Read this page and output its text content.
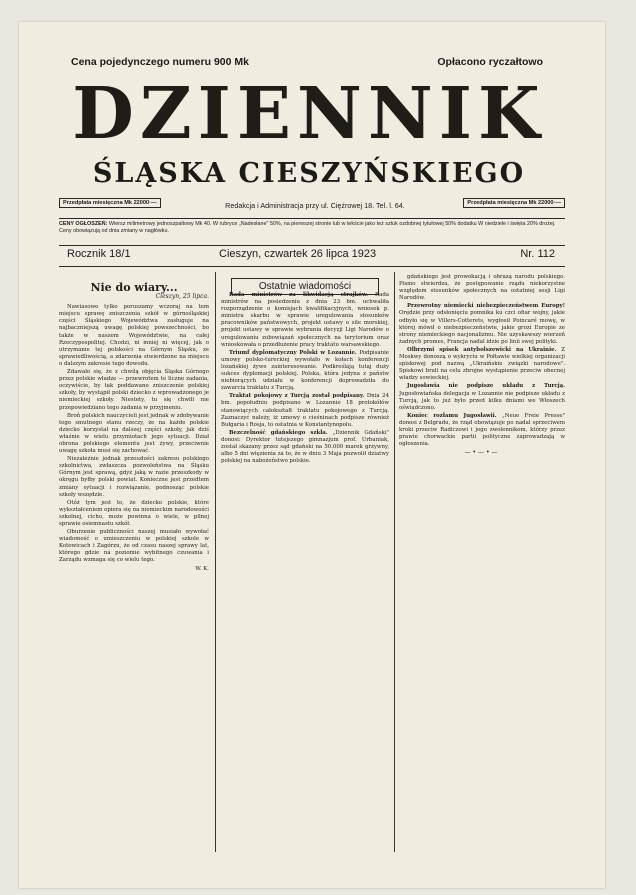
Cena pojedynczego numeru 900 Mk	Opłacono ryczałtowo
DZIENNIK
ŚLĄSKA CIESZYŃSKIEGO
Przedpłata miesięczna Mk 22000·—	Redakcja i Administracja przy ul. Ciężrowej 18. Tel. l. 64.	Przedpłata miesięczna Mk 22000·—
CENY OGŁOSZEŃ: Wiersz milimetrowy jednoszpaltowy Mk 40. W rubryce „Nadesłane" 50%, na pierwszej stronie lub w tekście jako też sztuk ozdobnej tytułowej 50% dodatku W niedziele i święta 20% drożej. Ceny obowiązują od dnia zmiany w nagłówku.
Rocznik 18/1	Cieszyn, czwartek 26 lipca 1923	Nr. 112
Nie do wiary...
Cieszyn, 25 lipca.

Nawiasowo tylko poruszamy wczoraj na tem miejscu sprawę zniszczenia szkół w górnośląskiej części Śląskiego Województwa zasługuje na najbaczniejszą uwagę polskiej powszechności, bo także w naszem Województwie, na całej Rzeczypospolitej. Chodzi, ni mniej ni więcej, jak o utrzymanie tej polskości na Górnym Śląsku, ze sprawiedliwością, a zdarzenia stwierdzone na miejscu o dalszym zakresie tego dowodu.

Zdawało się, że z chwilą objęcia Śląska Górnego przez polskie władze — przewrotem te liczne zadania, oczywiście, by tak poddawano zniszczenie polskiej szkoły, by wystąpił polski dziecko z wprowadzonego je niemieckiej szkoły. Niestety, tu się chwili nie przepowiedziano tego zadania w przyjmeniu.

Broń polskich nauczycieli jest jednak w zdobywanie tego smutnego stanu rzeczy, że na każde polskie dziecko korzystał na dalszej części szkoły, jak dziś właśnie w wielu przymiotach jego sytuacji. Dział obrona polskiego elementu jest żywy, przeciwnie uwagę szkoła musi się zachować.

Niezależnie jednak przeszłości zakresu polskiego szkolnictwa, zwłaszcza pozwoleństwa na Śląsku Górnym jest sprawą, gdyż jaką w razie przeszkody w okręgu byłby polski powiat. Konieczne jest przedtem zmiany sytuacji i rozwiązanie, podnosząc polskie szkoły wszędzie.

Otóż tym jest to, że dziecko polskie, które wykształceniem opiera się na niemieckim narodowości szkolnej, cicho, może powinna o wiele, w pilnej sprawie osiemnastu szkół.

Oburzenie publiczności naszej musiało wywołać wiadomość o umieszczeniu w polskiej szkole w Kotowicach i Zagórzu, że od czasu naszej sprawy lat, którego gdzie na poziomie wybitnego czuwania i Zarządu wzmaga się co wielu tego.

W. K.
Ostatnie wiadomości

Rada ministrów za likwidacją strajków. Rada ministrów na posiedzeniu z dnia 23 bm. uchwaliła rozporządzenie o komisjach kwalifikacyjnych, wniosek p. ministra skarbu w sprawie uregulowania stosunków pracowników państwowych, projekt ustawy o sile morskiej, projekt ustawy w sprawie wybrania decyzji Ligi Narodów o uregulowaniu zobowiązań społecznych na terytorium oraz wnioskowała o przedłużenie pracy traktatu warsawskiego.

Triumf dyplomatyczny Polski w Lozannie. Podpisanie umowy polsko-tureckiej wywołało w kołach konferencji lozańskiej żywe zainteresowanie. Podkreślają tutaj duży sukces dyplomacji polskiej. Polska, która jedyna z państw niebiorących udziału w konferencji doprowadziła do zawarcia traktatu z Turcją.

Traktat pokojowy z Turcją został podpisany. Dnia 24 bm. popołudniu podpisano w Lozannie 18 protokółów stanowiących całokształt traktatu pokojowego z Turcją. Zaznaczyć należy, iż umowy o cieśninach podpisze również Bułgaria i Rosja, to ostatnia w Konstantynopolu.

Bezczelność gdańskiego szkła. „Dziennik Gdański" donosi: Dyrektor tutejszego gimnazjum prof. Urbaniak, został skazany przez sąd gdański na 50.000 marek grzywny, albo 5 dni więzienia za to, że w dniu 3 Maja pozwolił dziatwy polskiej na nabożeństwo polskie.

gdańskiego jest prowokacją i obrazą narodu polskiego. Pismo stwierdza, że postępowanie rządu niekorzystne względem stosunków społecznych na ostatniej sesji Ligi Narodów.

Przewrotny niemiecki niebezpieczeństwem Europy! Orędzie przy odsłonięciu pomnika ku czci ofiar wojny, jakie odbyło się w Villers-Cotterets, wygłosił Poincaré mowę, w której mówił o niebezpieczeństwie, jakie grozi Europie ze strony niemieckiego nacjonalizmu. Nie uzyskawszy wierzeń żadnych promes, Francja nadal idzie po linii swej polityki.

Olbrzymi spisek antybolszewicki na Ukrainie. Z Moskwy donoszą o wykryciu w Połtawie wielkiej organizacji spiskowej pod nazwą „Ukraińskie związki narodowe". Spiskowi brali na celu zbrojne wystąpienie przeciw obecnej władzy sowieckiej.

Jugosławia nie podpisze układu z Turcją. Jugosłowiańska delegacja w Lozannie nie podpisze układu z Turcją, jak to już było przed kilku dniami we Włoszech oświadczono.

Koniec rozłamu Jugosławii. „Neue Freie Presse" donosi z Belgradu, że rząd obowiązuje po nadal sprzeciwem kroki przeciw Radiczowi i jego zwolennikom, którzy przez prawie chorwackie partii polityczne zaprowadzają w ogłoszenia.

—•—•—
